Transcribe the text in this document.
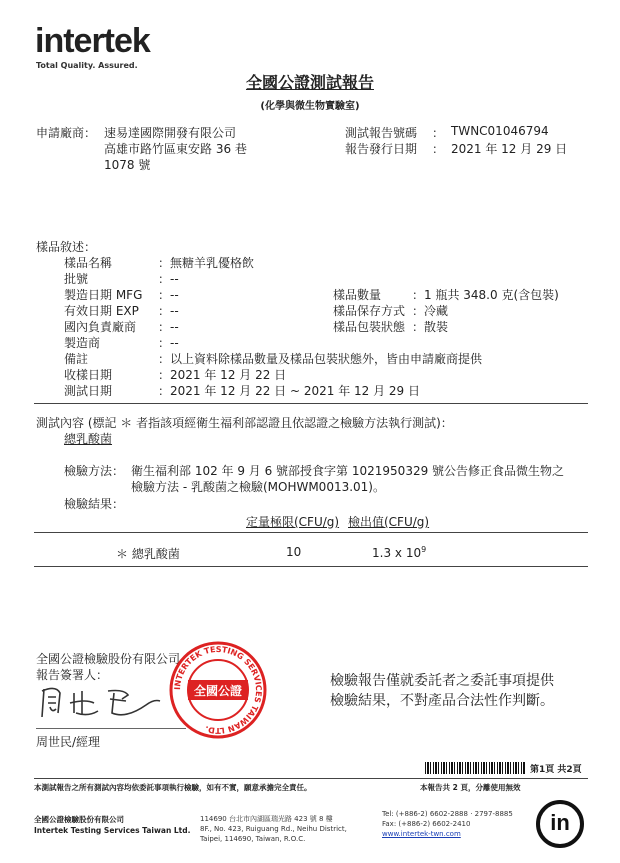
intertek
Total Quality. Assured.
全國公證測試報告
(化學與微生物實驗室)
申請廠商： 速易達國際開發有限公司
高雄市路竹區東安路 36 巷
1078 號
測試報告號碼 ： TWNC01046794
報告發行日期 ： 2021 年 12 月 29 日
樣品敘述：
樣品名稱	：無糖羊乳優格飲
批號	：--
製造日期 MFG ：--
有效日期 EXP ：--
國內負責廠商 ：--
製造商	：--
備註	：以上資料除樣品數量及樣品包裝狀態外，皆由申請廠商提供
收樣日期	：2021 年 12 月 22 日
測試日期	：2021 年 12 月 22 日 ~ 2021 年 12 月 29 日
樣品數量	：1 瓶共 348.0 克(含包裝)
樣品保存方式 ：冷藏
樣品包裝狀態 ：散裝
測試內容 (標記 ＊ 者指該項經衛生福利部認證且依認證之檢驗方法執行測試)：
總乳酸菌
檢驗方法： 衛生福利部 102 年 9 月 6 號部授食字第 1021950329 號公告修正食品微生物之
檢驗方法 - 乳酸菌之檢驗(MOHWM0013.01)。
檢驗結果：
定量極限(CFU/g) 檢出值(CFU/g)
＊ 總乳酸菌	10	1.3 x $10^9$
全國公證檢驗股份有限公司
報告簽署人：
周世民/經理
INTERTEK TESTING SERVICES TAIWAN LTD.
全國公證
檢驗報告僅就委託者之委託事項提供
檢驗結果，不對產品合法性作判斷。
第1頁 共2頁
本測試報告之所有測試內容均依委託事項執行檢驗，如有不實，願意承擔完全責任。	本報告共 2 頁，分離使用無效
全國公證檢驗股份有限公司
Intertek Testing Services Taiwan Ltd.
114690 台北市內湖區瑞光路 423 號 8 樓
8F., No. 423, Ruiguang Rd., Neihu District,
Taipei, 114690, Taiwan, R.O.C.
Tel: (+886-2) 6602-2888 · 2797-8885
Fax: (+886-2) 6602-2410
www.intertek-twn.com	in
